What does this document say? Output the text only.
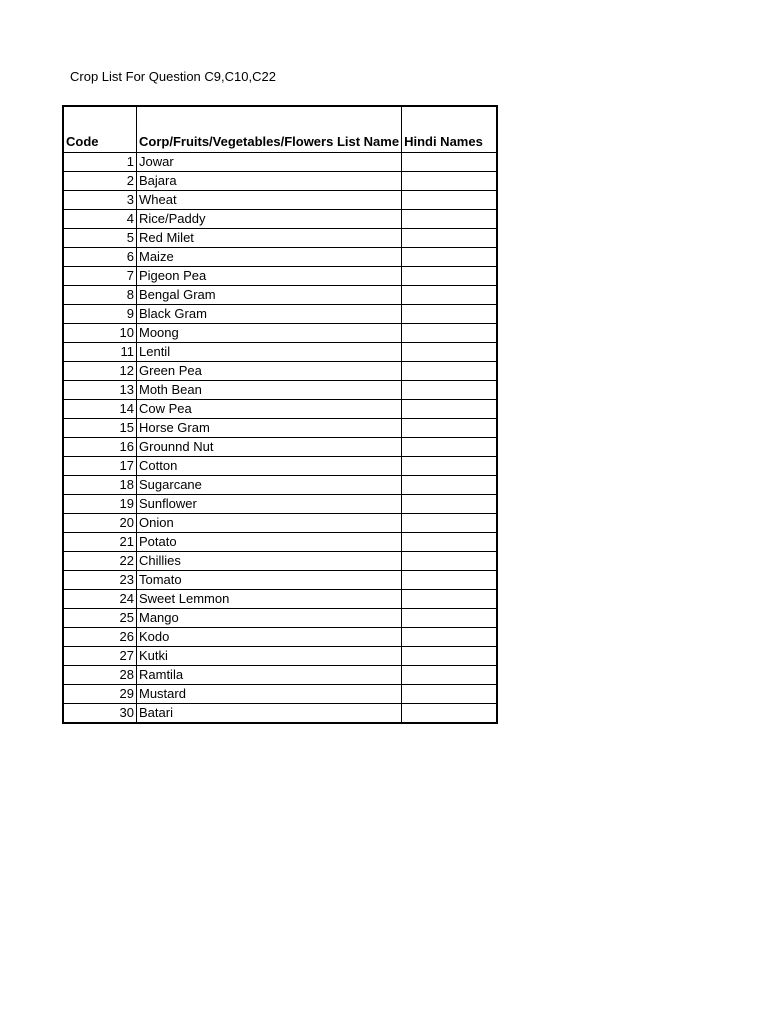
Crop List For Question C9,C10,C22
Code	Corp/Fruits/Vegetables/Flowers List Name	Hindi Names
1	Jowar	
2	Bajara	
3	Wheat	
4	Rice/Paddy	
5	Red Milet	
6	Maize	
7	Pigeon Pea	
8	Bengal Gram	
9	Black Gram	
10	Moong	
11	Lentil	
12	Green Pea	
13	Moth Bean	
14	Cow Pea	
15	Horse Gram	
16	Grounnd Nut	
17	Cotton	
18	Sugarcane	
19	Sunflower	
20	Onion	
21	Potato	
22	Chillies	
23	Tomato	
24	Sweet Lemmon	
25	Mango	
26	Kodo	
27	Kutki	
28	Ramtila	
29	Mustard	
30	Batari	
